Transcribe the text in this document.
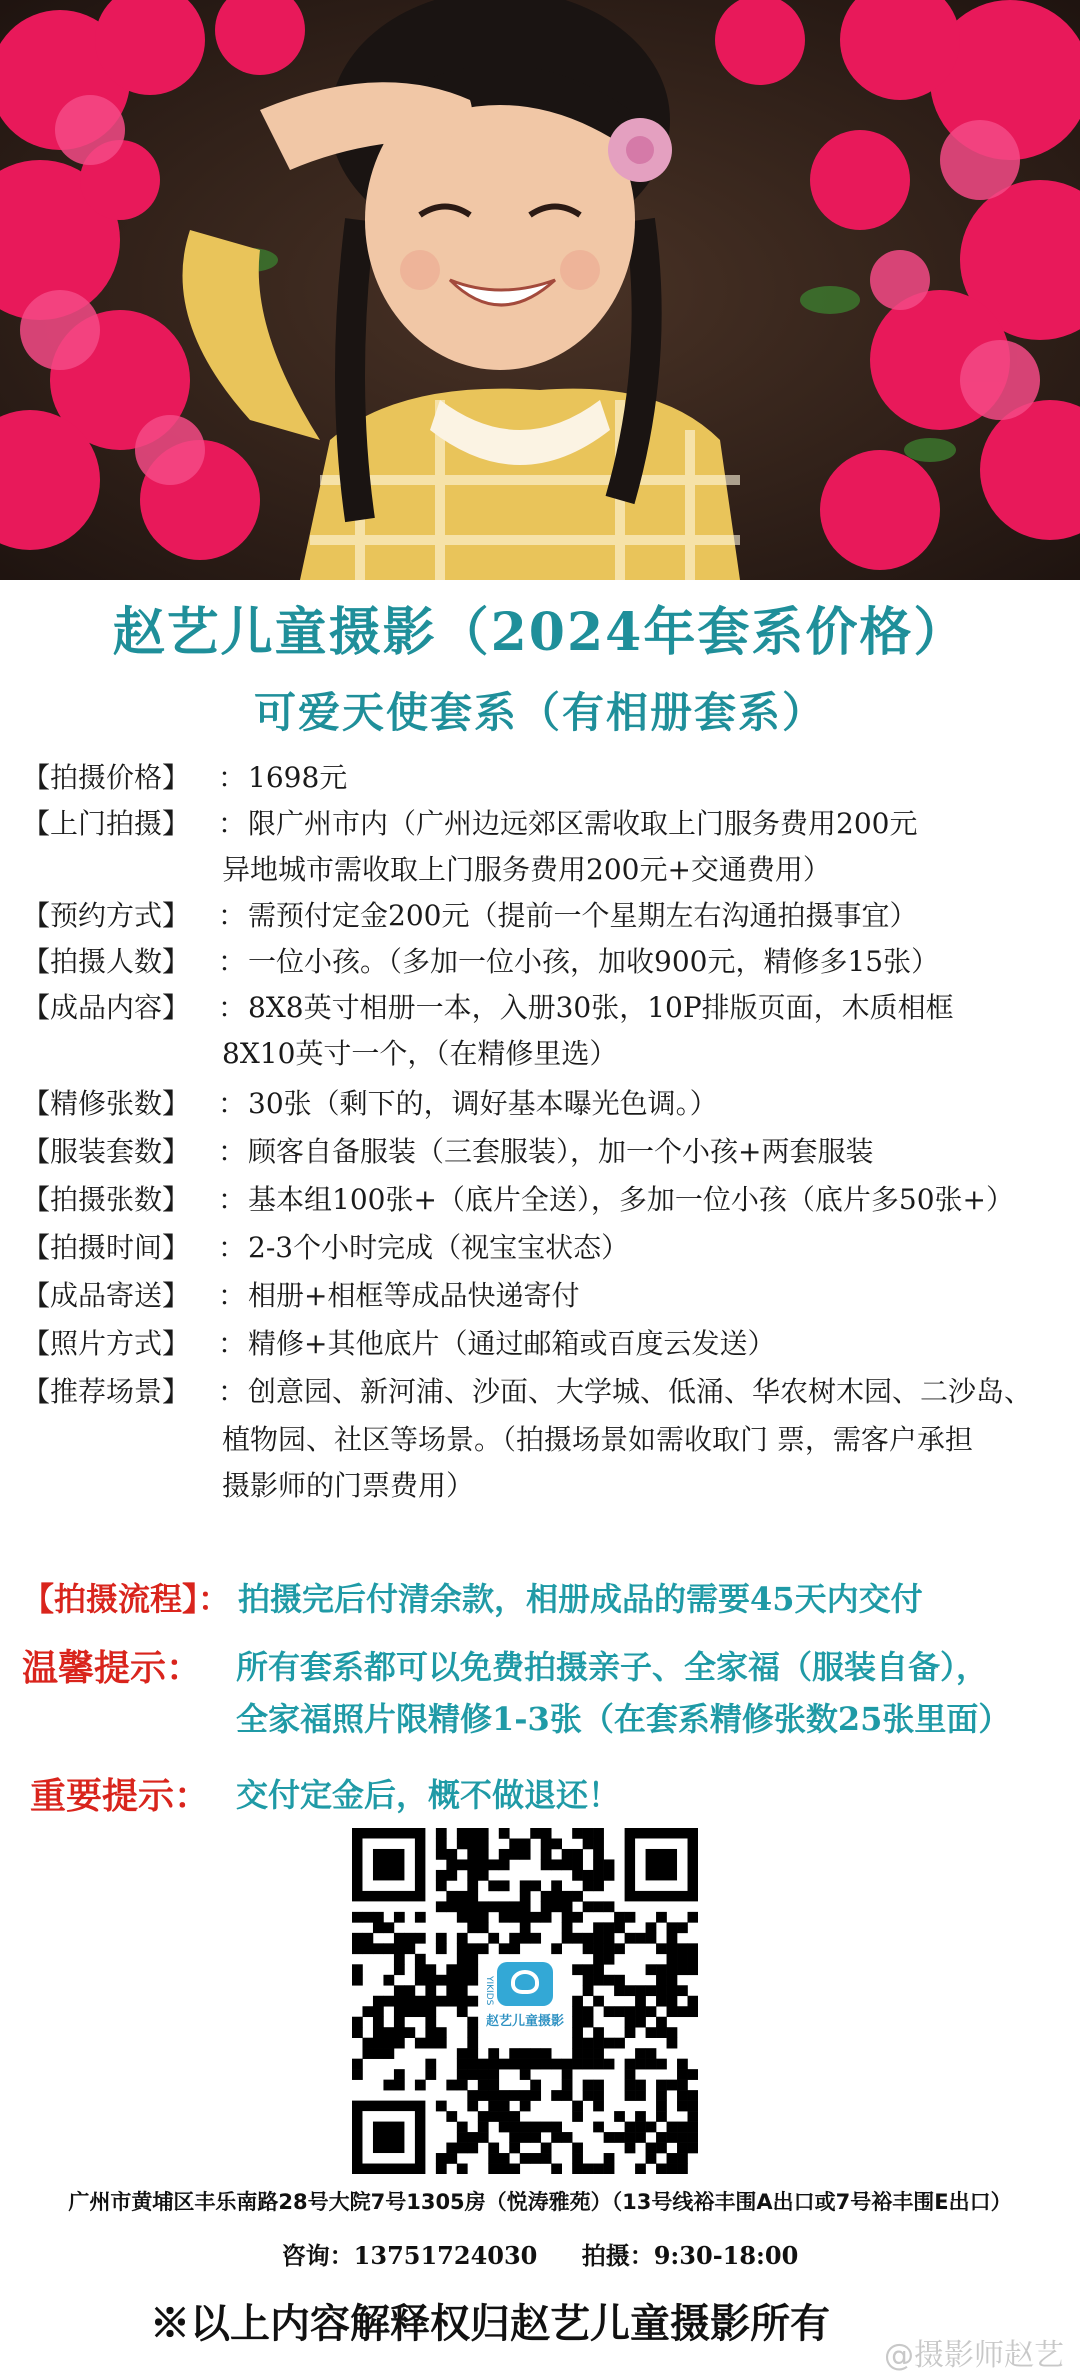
赵艺儿童摄影（2024年套系价格）
可爱天使套系（有相册套系）
【拍摄价格】 ：1698元
【上门拍摄】 ：限广州市内（广州边远郊区需收取上门服务费用200元
异地城市需收取上门服务费用200元+交通费用）
【预约方式】 ：需预付定金200元（提前一个星期左右沟通拍摄事宜）
【拍摄人数】 ：一位小孩。（多加一位小孩，加收900元，精修多15张）
【成品内容】 ：8X8英寸相册一本，入册30张，10P排版页面，木质相框
8X10英寸一个，（在精修里选）
【精修张数】 ：30张（剩下的，调好基本曝光色调。）
【服装套数】 ：顾客自备服装（三套服装），加一个小孩+两套服装
【拍摄张数】 ：基本组100张+（底片全送），多加一位小孩（底片多50张+）
【拍摄时间】 ：2-3个小时完成（视宝宝状态）
【成品寄送】 ：相册+相框等成品快递寄付
【照片方式】 ：精修+其他底片（通过邮箱或百度云发送）
【推荐场景】 ：创意园、新河浦、沙面、大学城、低涌、华农树木园、二沙岛、
植物园、社区等场景。（拍摄场景如需收取门 票，需客户承担
摄影师的门票费用）
【拍摄流程】： 拍摄完后付清余款，相册成品的需要45天内交付
温馨提示： 所有套系都可以免费拍摄亲子、全家福（服装自备），
全家福照片限精修1-3张（在套系精修张数25张里面）
重要提示： 交付定金后，概不做退还！
YIKIDS
赵艺儿童摄影
广州市黄埔区丰乐南路28号大院7号1305房（悦涛雅苑）（13号线裕丰围A出口或7号裕丰围E出口）
咨询：13751724030 拍摄：9:30-18:00
※以上内容解释权归赵艺儿童摄影所有
@摄影师赵艺
